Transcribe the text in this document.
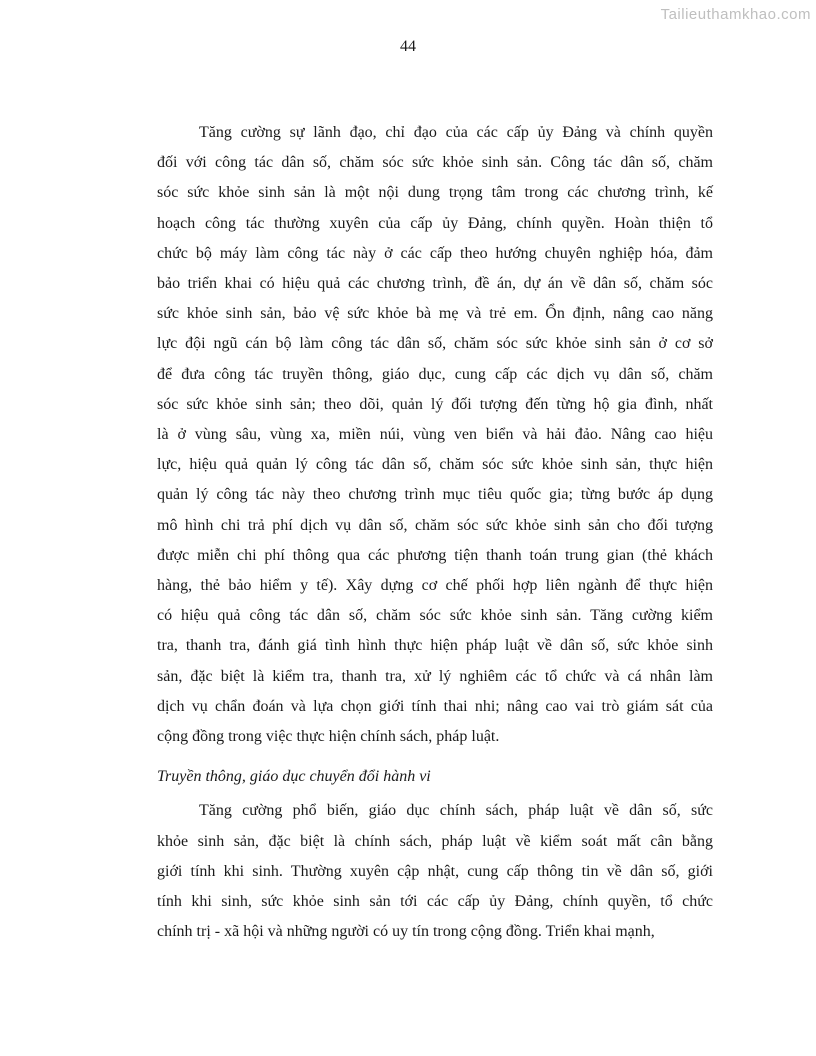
Tailieuthamkhao.com
44
Tăng cường sự lãnh đạo, chỉ đạo của các cấp ủy Đảng và chính quyền
đối với công tác dân số, chăm sóc sức khỏe sinh sản. Công tác dân số, chăm
sóc sức khỏe sinh sản là một nội dung trọng tâm trong các chương trình, kế
hoạch công tác thường xuyên của cấp ủy Đảng, chính quyền. Hoàn thiện tổ
chức bộ máy làm công tác này ở các cấp theo hướng chuyên nghiệp hóa, đảm
bảo triển khai có hiệu quả các chương trình, đề án, dự án về dân số, chăm sóc
sức khỏe sinh sản, bảo vệ sức khỏe bà mẹ và trẻ em. Ổn định, nâng cao năng
lực đội ngũ cán bộ làm công tác dân số, chăm sóc sức khỏe sinh sản ở cơ sở
để đưa công tác truyền thông, giáo dục, cung cấp các dịch vụ dân số, chăm
sóc sức khỏe sinh sản; theo dõi, quản lý đối tượng đến từng hộ gia đình, nhất
là ở vùng sâu, vùng xa, miền núi, vùng ven biển và hải đảo. Nâng cao hiệu
lực, hiệu quả quản lý công tác dân số, chăm sóc sức khỏe sinh sản, thực hiện
quản lý công tác này theo chương trình mục tiêu quốc gia; từng bước áp dụng
mô hình chi trả phí dịch vụ dân số, chăm sóc sức khỏe sinh sản cho đối tượng
được miễn chi phí thông qua các phương tiện thanh toán trung gian (thẻ khách
hàng, thẻ bảo hiểm y tế). Xây dựng cơ chế phối hợp liên ngành để thực hiện
có hiệu quả công tác dân số, chăm sóc sức khỏe sinh sản. Tăng cường kiểm
tra, thanh tra, đánh giá tình hình thực hiện pháp luật về dân số, sức khỏe sinh
sản, đặc biệt là kiểm tra, thanh tra, xử lý nghiêm các tổ chức và cá nhân làm
dịch vụ chẩn đoán và lựa chọn giới tính thai nhi; nâng cao vai trò giám sát của
cộng đồng trong việc thực hiện chính sách, pháp luật.
Truyền thông, giáo dục chuyển đổi hành vi
Tăng cường phổ biến, giáo dục chính sách, pháp luật về dân số, sức
khỏe sinh sản, đặc biệt là chính sách, pháp luật về kiểm soát mất cân bằng
giới tính khi sinh. Thường xuyên cập nhật, cung cấp thông tin về dân số, giới
tính khi sinh, sức khỏe sinh sản tới các cấp ủy Đảng, chính quyền, tổ chức
chính trị - xã hội và những người có uy tín trong cộng đồng. Triển khai mạnh,
